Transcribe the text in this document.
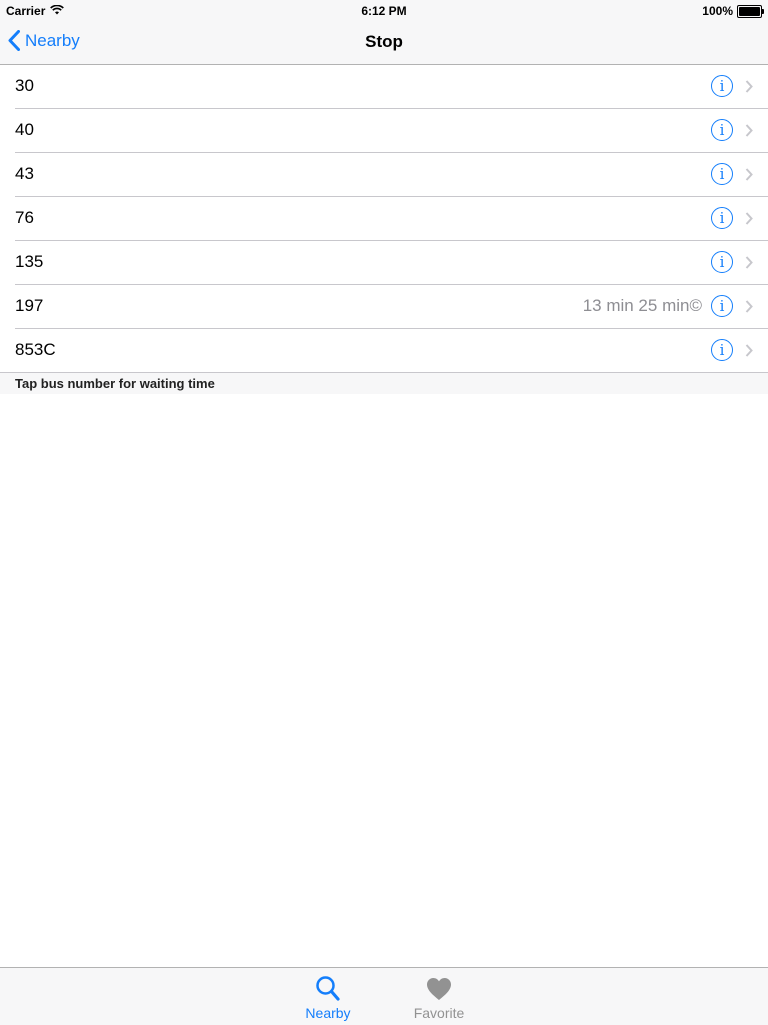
Carrier	6:12 PM	100%
Nearby	Stop
30	i
40	i
43	i
76	i
135	i
197	13 min 25 min©	i
853C	i
Tap bus number for waiting time
Nearby	Favorite
